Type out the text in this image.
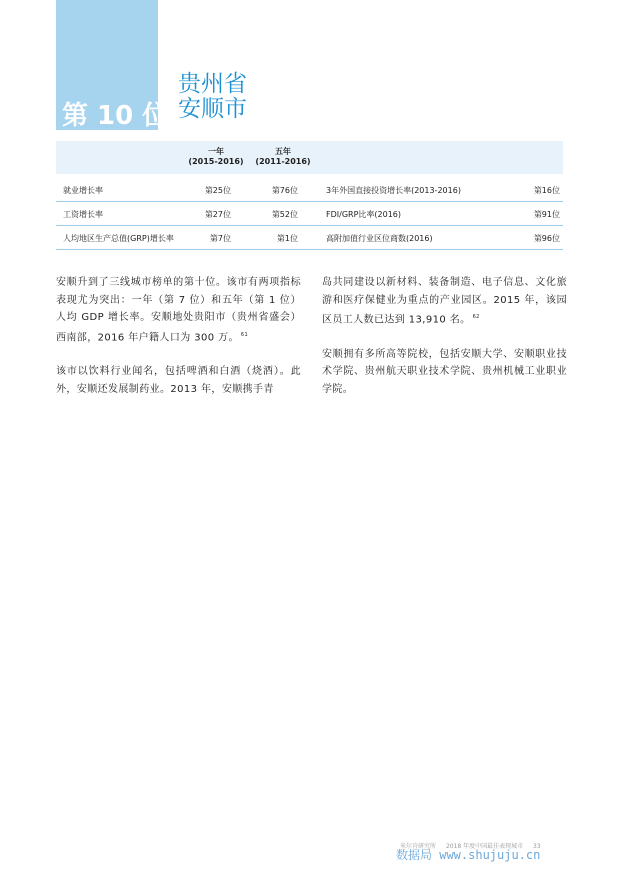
第 10 位
贵州省
安顺市
一年
(2015-2016)
五年
(2011-2016)
就业增长率	第25位	第76位	3年外国直接投资增长率(2013-2016)	第16位
工资增长率	第27位	第52位	FDI/GRP比率(2016)	第91位
人均地区生产总值(GRP)增长率	第7位	第1位	高附加值行业区位商数(2016)	第96位

安顺升到了三线城市榜单的第十位。该市有两项指标表现尤为突出：一年（第 7 位）和五年（第 1 位）人均 GDP 增长率。安顺地处贵阳市（贵州省盛会）西南部，2016 年户籍人口为 300 万。 $^{61}$

该市以饮料行业闻名，包括啤酒和白酒（烧酒）。此外，安顺还发展制药业。2013 年，安顺携手青

岛共同建设以新材料、装备制造、电子信息、文化旅游和医疗保健业为重点的产业园区。2015 年，该园区员工人数已达到 13,910 名。 $^{62}$

安顺拥有多所高等院校，包括安顺大学、安顺职业技术学院、贵州航天职业技术学院、贵州机械工业职业学院。

米尔肯研究所 2018 年度中国最佳表现城市 33
数据局 www.shujuju.cn
